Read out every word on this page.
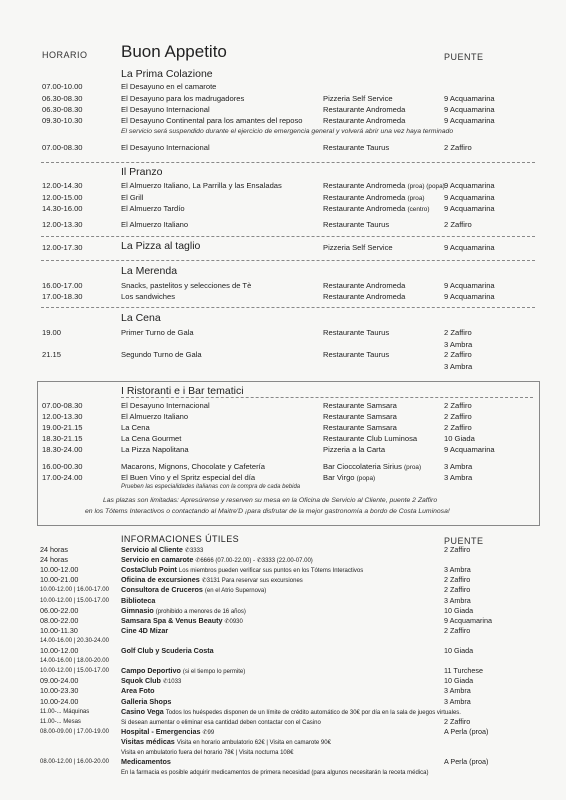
HORARIO Buon Appetito	PUENTE
La Prima Colazione
07.00-10.00	El Desayuno en el camarote
06.30-08.30	El Desayuno para los madrugadores	Pizzeria Self Service	9 Acquamarina
06.30-08.30	El Desayuno Internacional	Restaurante Andromeda	9 Acquamarina
09.30-10.30	El Desayuno Continental para los amantes del reposo	Restaurante Andromeda	9 Acquamarina
El servicio será suspendido durante el ejercicio de emergencia general y volverá abrir una vez haya terminado
07.00-08.30	El Desayuno Internacional	Restaurante Taurus	2 Zaffiro
Il Pranzo
12.00-14.30	El Almuerzo Italiano, La Parrilla y las Ensaladas	Restaurante Andromeda (proa) (popa) 9 Acquamarina
12.00-15.00	El Grill	Restaurante Andromeda (proa)	9 Acquamarina
14.30-16.00	El Almuerzo Tardío	Restaurante Andromeda (centro) 9 Acquamarina
12.00-13.30	El Almuerzo Italiano	Restaurante Taurus	2 Zaffiro
12.00-17.30	La Pizza al taglio	Pizzeria Self Service	9 Acquamarina
La Merenda
16.00-17.00	Snacks, pastelitos y selecciones de Tè	Restaurante Andromeda	9 Acquamarina
17.00-18.30	Los sandwiches	Restaurante Andromeda	9 Acquamarina
La Cena
19.00	Primer Turno de Gala	Restaurante Taurus	2 Zaffiro
3 Ambra
21.15	Segundo Turno de Gala	Restaurante Taurus	2 Zaffiro
3 Ambra
I Ristoranti e i Bar tematici
07.00-08.30	El Desayuno Internacional	Restaurante Samsara	2 Zaffiro
12.00-13.30	El Almuerzo Italiano	Restaurante Samsara	2 Zaffiro
19.00-21.15	La Cena	Restaurante Samsara	2 Zaffiro
18.30-21.15	La Cena Gourmet	Restaurante Club Luminosa	10 Giada
18.30-24.00	La Pizza Napolitana	Pizzeria a la Carta	9 Acquamarina
16.00-00.30	Macarons, Mignons, Chocolate y Cafetería	Bar Cioccolateria Sirius (proa)	3 Ambra
17.00-24.00	El Buen Vino y el Spritz especial del día	Bar Virgo (popa)	3 Ambra
Prueben las especialidades italianas con la compra de cada bebida
Las plazas son limitadas: Apresúrense y reserven su mesa en la Oficina de Servicio al Cliente, puente 2 Zaffiro
en los Tótems Interactivos o contactando al Maitre'D ¡para disfrutar de la mejor gastronomía a bordo de Costa Luminosa!
INFORMACIONES ÚTILES	PUENTE
24 horas	Servicio al Cliente ✆3333	2 Zaffiro
24 horas	Servicio en camarote ✆6666 (07.00-22.00) - ✆3333 (22.00-07.00)
10.00-12.00	CostaClub Point Los miembros pueden verificar sus puntos en los Tótems Interactivos	3 Ambra
10.00-21.00	Oficina de excursiones ✆3131 Para reservar sus excursiones	2 Zaffiro
10.00-12.00 | 16.00-17.00 Consultora de Cruceros (en el Atrio Supernova)	2 Zaffiro
10.00-12.00 | 15.00-17.00 Biblioteca	3 Ambra
06.00-22.00	Gimnasio (prohibido a menores de 16 años)	10 Giada
08.00-22.00	Samsara Spa & Venus Beauty ✆0930	9 Acquamarina
10.00-11.30	Cine 4D Mizar	2 Zaffiro
14.00-16.00 | 20.30-24.00
10.00-12.00	Golf Club y Scuderia Costa	10 Giada
14.00-16.00 | 18.00-20.00
10.00-12.00 | 15.00-17.00 Campo Deportivo (si el tiempo lo permite)	11 Turchese
09.00-24.00	Squok Club ✆1033	10 Giada
10.00-23.30	Area Foto	3 Ambra
10.00-24.00	Galleria Shops	3 Ambra
11.00-... Máquinas	Casino Vega Todos los huéspedes disponen de un límite de crédito automático de 30€ por día en la sala de juegos virtuales.
11.00-... Mesas	Si desean aumentar o eliminar esa cantidad deben contactar con el Casino	2 Zaffiro
08.00-09.00 | 17.00-19.00 Hospital - Emergencias ✆99	A Perla (proa)
Visitas médicas Visita en horario ambulatorio 62€ | Visita en camarote 90€
Visita en ambulatorio fuera del horario 78€ | Visita nocturna 108€
08.00-12.00 | 16.00-20.00 Medicamentos	A Perla (proa)
En la farmacia es posible adquirir medicamentos de primera necesidad (para algunos necesitarán la receta médica)
